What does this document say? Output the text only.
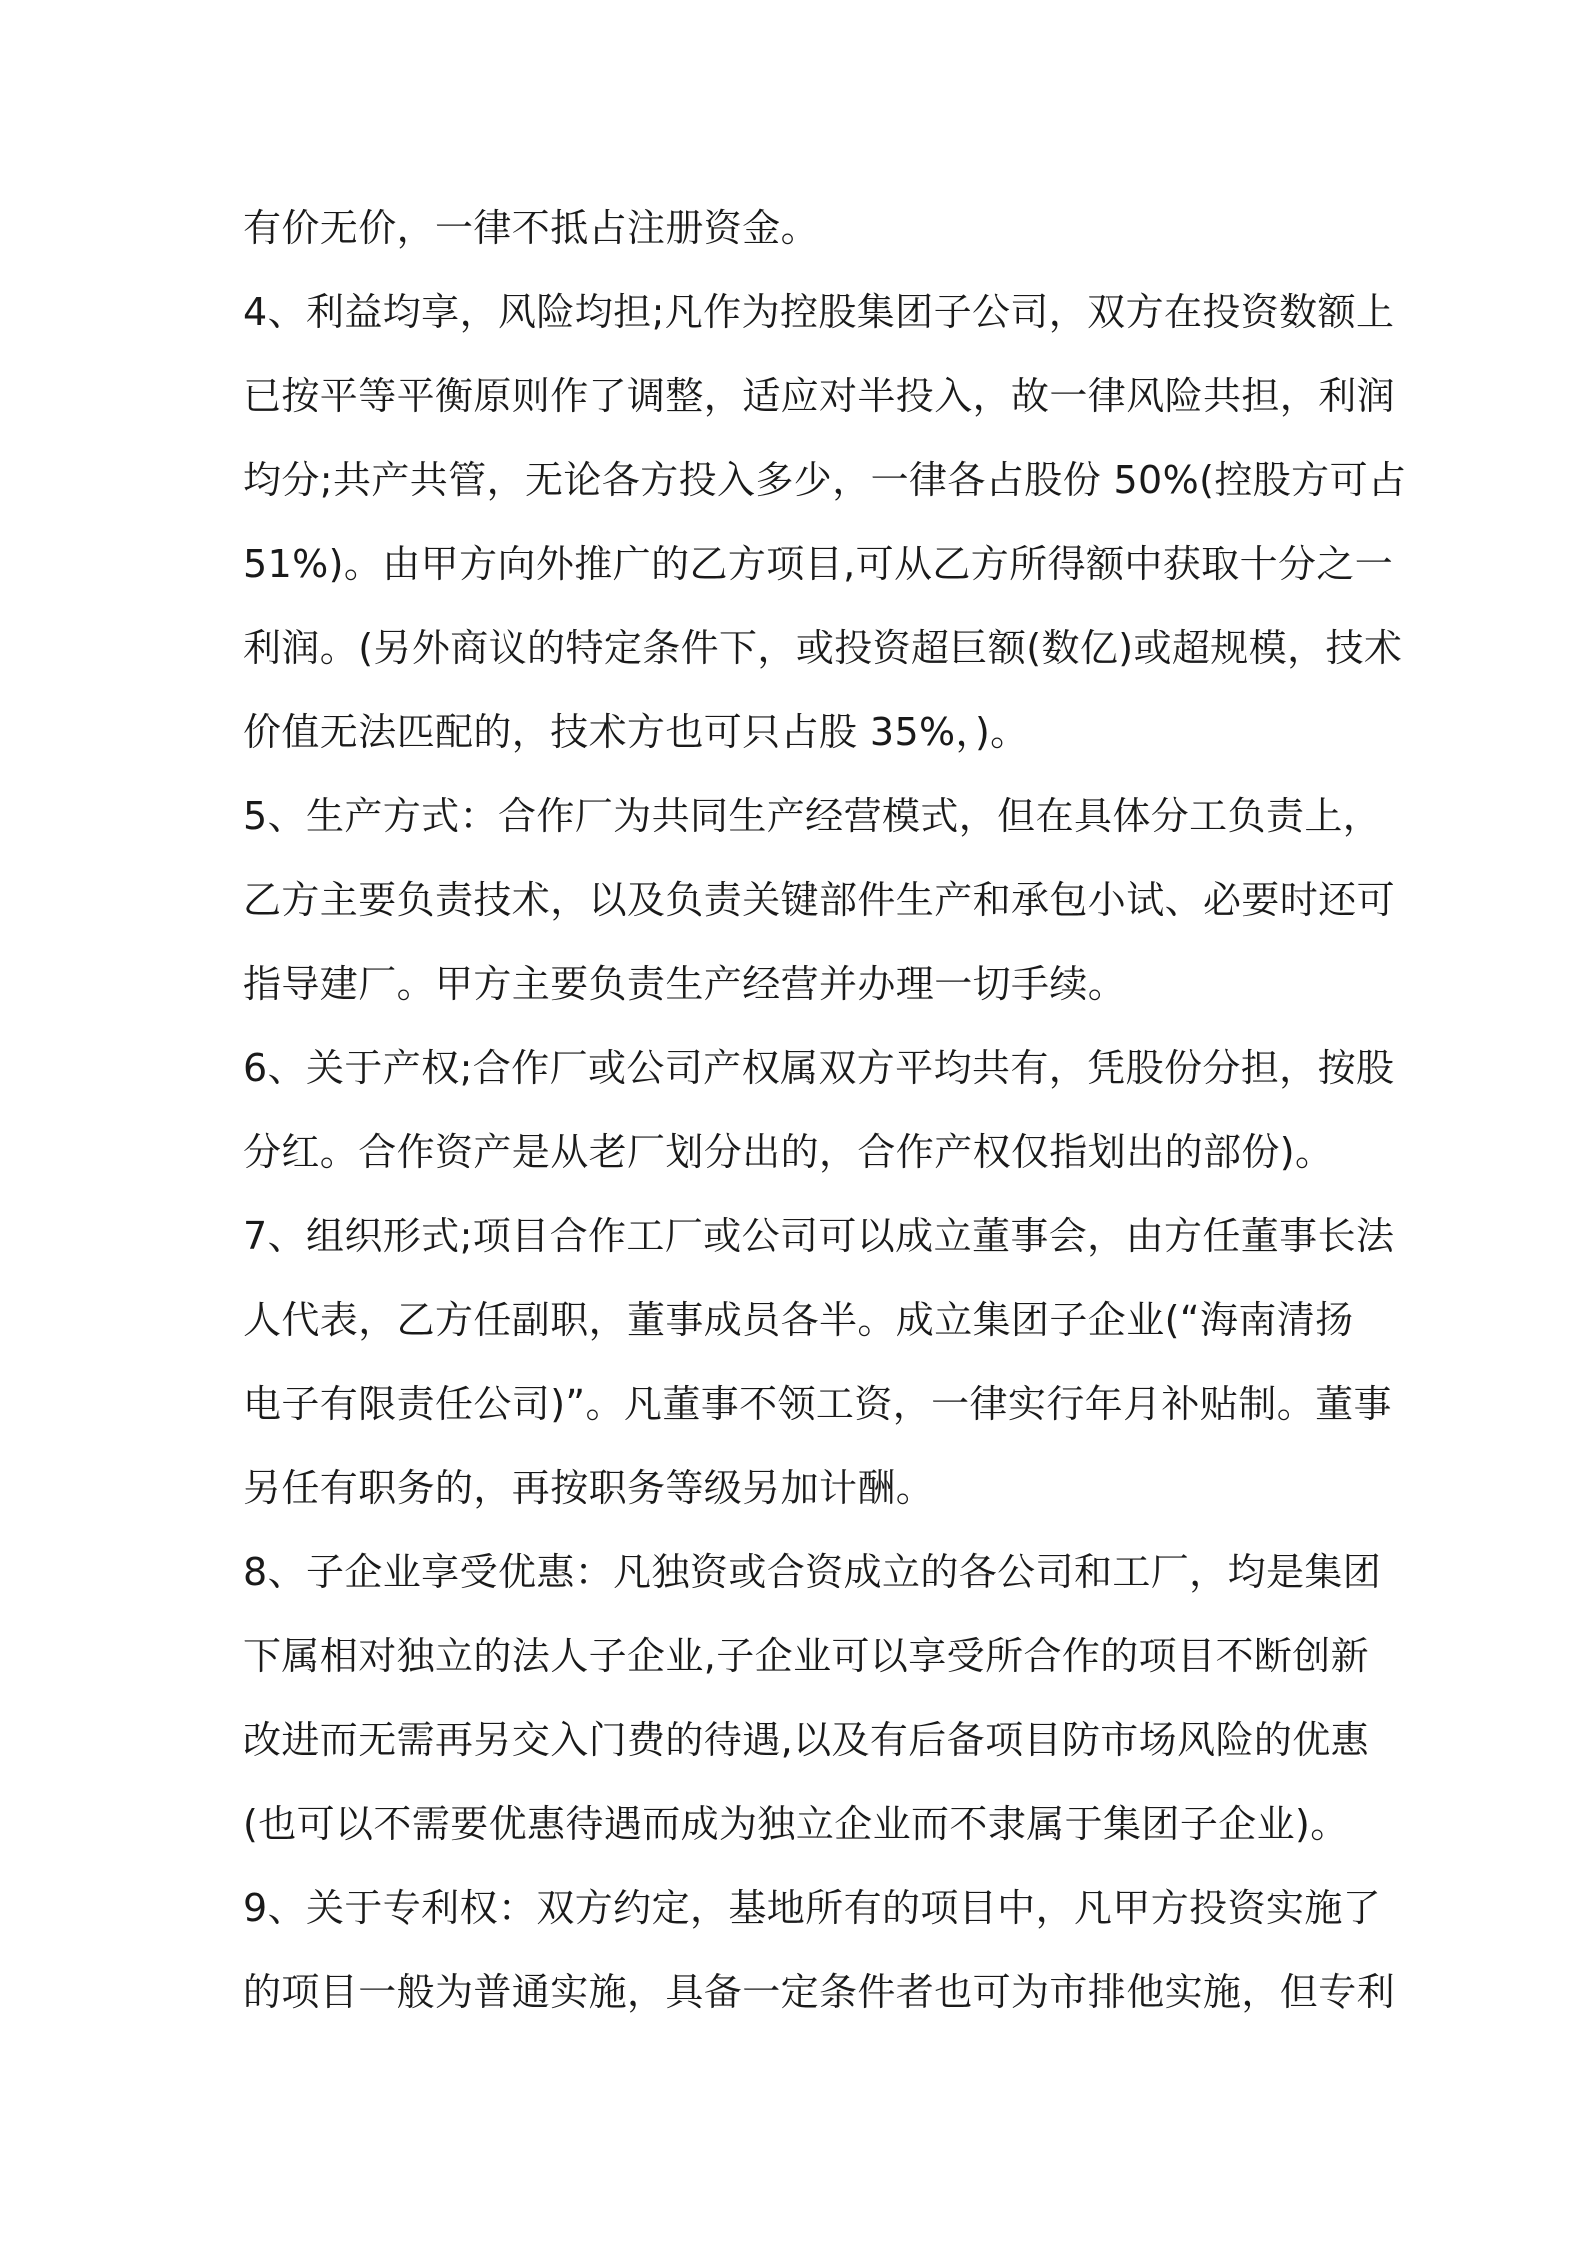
有价无价，一律不抵占注册资金。
4、利益均享，风险均担;凡作为控股集团子公司，双方在投资数额上
已按平等平衡原则作了调整，适应对半投入，故一律风险共担，利润
均分;共产共管，无论各方投入多少，一律各占股份 50%(控股方可占
51%)。由甲方向外推广的乙方项目,可从乙方所得额中获取十分之一
利润。(另外商议的特定条件下，或投资超巨额(数亿)或超规模，技术
价值无法匹配的，技术方也可只占股 35%，)。
5、生产方式：合作厂为共同生产经营模式，但在具体分工负责上，
乙方主要负责技术，以及负责关键部件生产和承包小试、必要时还可
指导建厂。甲方主要负责生产经营并办理一切手续。
6、关于产权;合作厂或公司产权属双方平均共有，凭股份分担，按股
分红。合作资产是从老厂划分出的，合作产权仅指划出的部份)。
7、组织形式;项目合作工厂或公司可以成立董事会，由方任董事长法
人代表，乙方任副职，董事成员各半。成立集团子企业(“海南清扬
电子有限责任公司)”。凡董事不领工资，一律实行年月补贴制。董事
另任有职务的，再按职务等级另加计酬。
8、子企业享受优惠：凡独资或合资成立的各公司和工厂，均是集团
下属相对独立的法人子企业,子企业可以享受所合作的项目不断创新
改进而无需再另交入门费的待遇,以及有后备项目防市场风险的优惠
(也可以不需要优惠待遇而成为独立企业而不隶属于集团子企业)。
9、关于专利权：双方约定，基地所有的项目中，凡甲方投资实施了
的项目一般为普通实施，具备一定条件者也可为市排他实施，但专利
